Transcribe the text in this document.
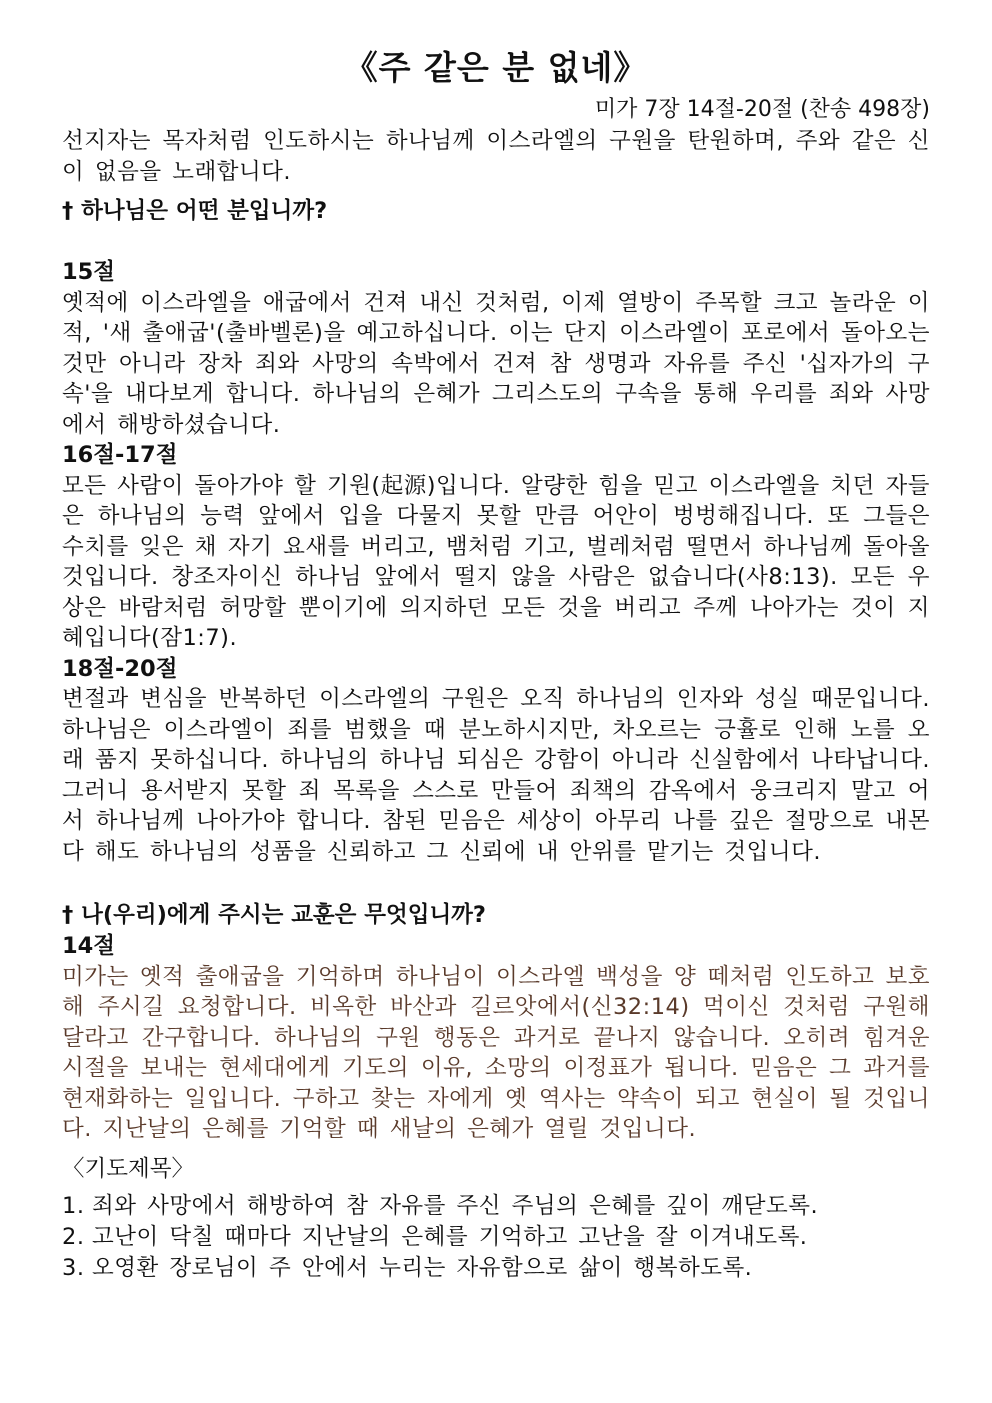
《주 같은 분 없네》

미가 7장 14절-20절 (찬송 498장)

선지자는 목자처럼 인도하시는 하나님께 이스라엘의 구원을 탄원하며, 주와 같은 신이 없음을 노래합니다.

† 하나님은 어떤 분입니까?

15절

옛적에 이스라엘을 애굽에서 건져 내신 것처럼, 이제 열방이 주목할 크고 놀라운 이적, '새 출애굽'(출바벨론)을 예고하십니다. 이는 단지 이스라엘이 포로에서 돌아오는 것만 아니라 장차 죄와 사망의 속박에서 건져 참 생명과 자유를 주신 '십자가의 구속'을 내다보게 합니다. 하나님의 은혜가 그리스도의 구속을 통해 우리를 죄와 사망에서 해방하셨습니다.

16절-17절

모든 사람이 돌아가야 할 기원(起源)입니다. 알량한 힘을 믿고 이스라엘을 치던 자들은 하나님의 능력 앞에서 입을 다물지 못할 만큼 어안이 벙벙해집니다. 또 그들은 수치를 잊은 채 자기 요새를 버리고, 뱀처럼 기고, 벌레처럼 떨면서 하나님께 돌아올 것입니다. 창조자이신 하나님 앞에서 떨지 않을 사람은 없습니다(사8:13). 모든 우상은 바람처럼 허망할 뿐이기에 의지하던 모든 것을 버리고 주께 나아가는 것이 지혜입니다(잠1:7).

18절-20절

변절과 변심을 반복하던 이스라엘의 구원은 오직 하나님의 인자와 성실 때문입니다. 하나님은 이스라엘이 죄를 범했을 때 분노하시지만, 차오르는 긍휼로 인해 노를 오래 품지 못하십니다. 하나님의 하나님 되심은 강함이 아니라 신실함에서 나타납니다. 그러니 용서받지 못할 죄 목록을 스스로 만들어 죄책의 감옥에서 웅크리지 말고 어서 하나님께 나아가야 합니다. 참된 믿음은 세상이 아무리 나를 깊은 절망으로 내몬다 해도 하나님의 성품을 신뢰하고 그 신뢰에 내 안위를 맡기는 것입니다.

† 나(우리)에게 주시는 교훈은 무엇입니까?

14절

미가는 옛적 출애굽을 기억하며 하나님이 이스라엘 백성을 양 떼처럼 인도하고 보호해 주시길 요청합니다. 비옥한 바산과 길르앗에서(신32:14) 먹이신 것처럼 구원해 달라고 간구합니다. 하나님의 구원 행동은 과거로 끝나지 않습니다. 오히려 힘겨운 시절을 보내는 현세대에게 기도의 이유, 소망의 이정표가 됩니다. 믿음은 그 과거를 현재화하는 일입니다. 구하고 찾는 자에게 옛 역사는 약속이 되고 현실이 될 것입니다. 지난날의 은혜를 기억할 때 새날의 은혜가 열릴 것입니다.

〈기도제목〉

1. 죄와 사망에서 해방하여 참 자유를 주신 주님의 은혜를 깊이 깨닫도록.
2. 고난이 닥칠 때마다 지난날의 은혜를 기억하고 고난을 잘 이겨내도록.
3. 오영환 장로님이 주 안에서 누리는 자유함으로 삶이 행복하도록.
